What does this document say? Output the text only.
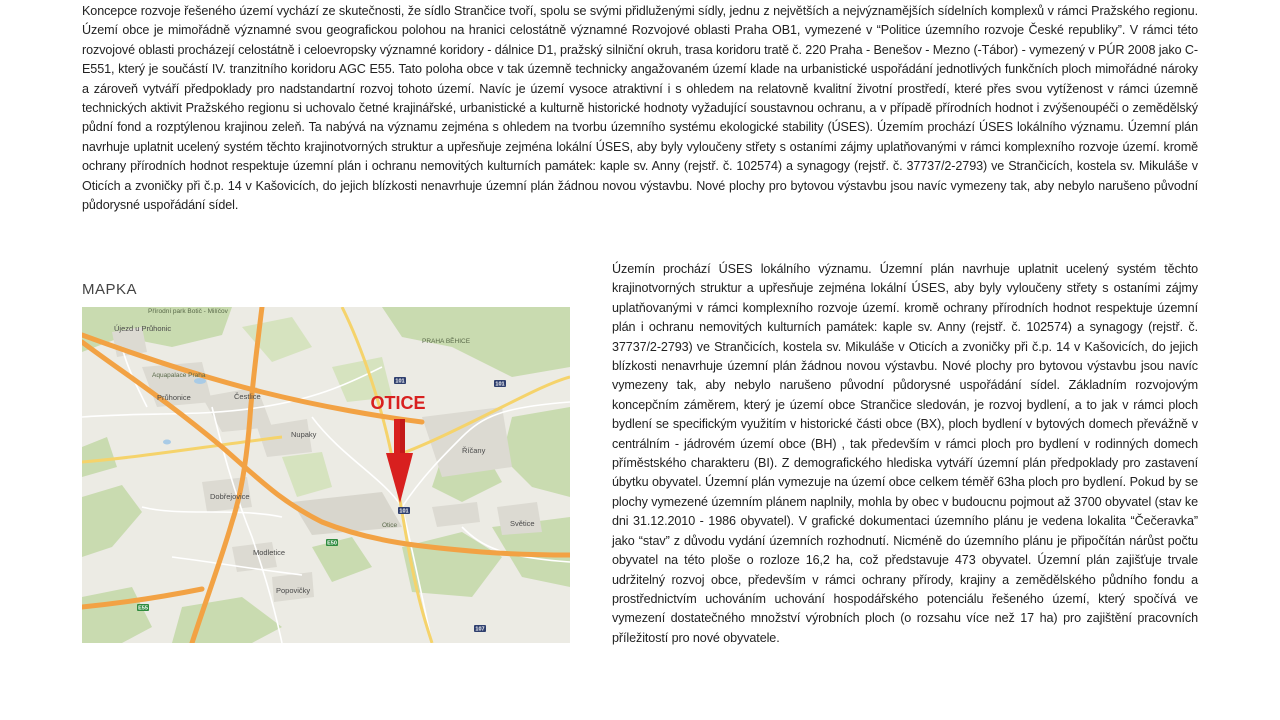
Koncepce rozvoje řešeného území vychází ze skutečnosti, že sídlo Strančice tvoří, spolu se svými přidluženými sídly, jednu z největších a nejvýznamějších sídelních komplexů v rámci Pražského regionu. Území obce je mimořádně významné svou geografickou polohou na hranici celostátně významné Rozvojové oblasti Praha OB1, vymezené v “Politice územního rozvoje České republiky”. V rámci této rozvojové oblasti procházejí celostátně i celoevropsky významné koridory - dálnice D1, pražský silniční okruh, trasa koridoru tratě č. 220 Praha - Benešov - Mezno (-Tábor) - vymezený v PÚR 2008 jako C-E551, který je součástí IV. tranzitního koridoru AGC E55. Tato poloha obce v tak územně technicky angažovaném území klade na urbanistické uspořádání jednotlivých funkčních ploch mimořádné nároky a zároveň vytváří předpoklady pro nadstandartní rozvoj tohoto území. Navíc je území vysoce atraktivní i s ohledem na relatovně kvalitní životní prostředí, které přes svou vytíženost v rámci územně technických aktivit Pražského regionu si uchovalo četné krajinářské, urbanistické a kulturně historické hodnoty vyžadující soustavnou ochranu, a v případě přírodních hodnot i zvýšenoupéči o zemědělský půdní fond a rozptýlenou krajinou zeleň. Ta nabývá na významu zejména s ohledem na tvorbu územního systému ekologické stability (ÚSES). Územím prochází ÚSES lokálního významu. Územní plán navrhuje uplatnit ucelený systém těchto krajinotvorných struktur a upřesňuje zejména lokální ÚSES, aby byly vyloučeny střety s ostaními zájmy uplatňovanými v rámci komplexního rozvoje území. kromě ochrany přírodních hodnot respektuje územní plán i ochranu nemovitých kulturních památek: kaple sv. Anny (rejstř. č. 102574) a synagogy (rejstř. č. 37737/2-2793) ve Strančicích, kostela sv. Mikuláše v Oticích a zvoničky při č.p. 14 v Kašovicích, do jejich blízkosti nenavrhuje územní plán žádnou novou výstavbu. Nové plochy pro bytovou výstavbu jsou navíc vymezeny tak, aby nebylo narušeno původní půdorysné uspořádání sídel.

MAPKA
101	101
101
107
E50
E55
Přírodní park Botič - Milíčov
Újezd u Průhonic
Aquapalace Praha
Průhonice	Čestlice
Nupaky
Dobřejovice
Modletice
Popovičky
Říčany
Světice
Otice
PRAHA BĚHICE
OTICE

Územín prochází ÚSES lokálního významu. Územní plán navrhuje uplatnit ucelený systém těchto krajinotvorných struktur a upřesňuje zejména lokální ÚSES, aby byly vyloučeny střety s ostaními zájmy uplatňovanými v rámci komplexního rozvoje území. kromě ochrany přírodních hodnot respektuje územní plán i ochranu nemovitých kulturních památek: kaple sv. Anny (rejstř. č. 102574) a synagogy (rejstř. č. 37737/2-2793) ve Strančicích, kostela sv. Mikuláše v Oticích a zvoničky při č.p. 14 v Kašovicích, do jejich blízkosti nenavrhuje územní plán žádnou novou výstavbu. Nové plochy pro bytovou výstavbu jsou navíc vymezeny tak, aby nebylo narušeno původní půdorysné uspořádání sídel. Základním rozvojovým koncepčním záměrem, který je území obce Strančice sledován, je rozvoj bydlení, a to jak v rámci ploch bydlení se specifickým využitím v historické části obce (BX), ploch bydlení v bytových domech převážně v centrálním - jádrovém území obce (BH) , tak především v rámci ploch pro bydlení v rodinných domech příměstského charakteru (BI). Z demografického hlediska vytváří územní plán předpoklady pro zastavení úbytku obyvatel. Územní plán vymezuje na území obce celkem téměř 63ha ploch pro bydlení. Pokud by se plochy vymezené územním plánem naplnily, mohla by obec v budoucnu pojmout až 3700 obyvatel (stav ke dni 31.12.2010 - 1986 obyvatel). V grafické dokumentaci územního plánu je vedena lokalita “Čečeravka” jako “stav” z důvodu vydání územních rozhodnutí. Nicméně do územního plánu je připočítán nárůst počtu obyvatel na této ploše o rozloze 16,2 ha, což představuje 473 obyvatel. Územní plán zajišťuje trvale udržitelný rozvoj obce, především v rámci ochrany přírody, krajiny a zemědělského půdního fondu a prostřednictvím uchováním uchování hospodářského potenciálu řešeného území, který spočívá ve vymezení dostatečného množství výrobních ploch (o rozsahu více než 17 ha) pro zajištění pracovních příležitostí pro nové obyvatele.
